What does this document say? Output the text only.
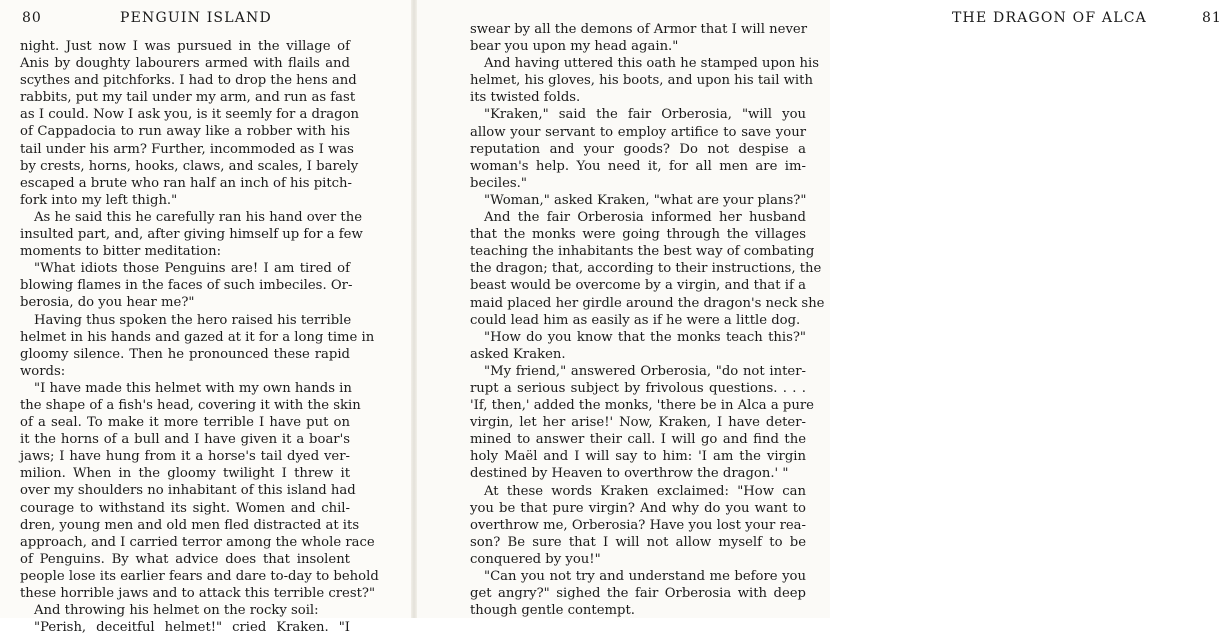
80	PENGUIN ISLAND
night. Just now I was pursued in the village of
Anis by doughty labourers armed with flails and
scythes and pitchforks. I had to drop the hens and
rabbits, put my tail under my arm, and run as fast
as I could. Now I ask you, is it seemly for a dragon
of Cappadocia to run away like a robber with his
tail under his arm? Further, incommoded as I was
by crests, horns, hooks, claws, and scales, I barely
escaped a brute who ran half an inch of his pitch-
fork into my left thigh."
As he said this he carefully ran his hand over the
insulted part, and, after giving himself up for a few
moments to bitter meditation:
"What idiots those Penguins are! I am tired of
blowing flames in the faces of such imbeciles. Or-
berosia, do you hear me?"
Having thus spoken the hero raised his terrible
helmet in his hands and gazed at it for a long time in
gloomy silence. Then he pronounced these rapid
words:
"I have made this helmet with my own hands in
the shape of a fish's head, covering it with the skin
of a seal. To make it more terrible I have put on
it the horns of a bull and I have given it a boar's
jaws; I have hung from it a horse's tail dyed ver-
milion. When in the gloomy twilight I threw it
over my shoulders no inhabitant of this island had
courage to withstand its sight. Women and chil-
dren, young men and old men fled distracted at its
approach, and I carried terror among the whole race
of Penguins. By what advice does that insolent
people lose its earlier fears and dare to-day to behold
these horrible jaws and to attack this terrible crest?"
And throwing his helmet on the rocky soil:
"Perish, deceitful helmet!" cried Kraken. "I
THE DRAGON OF ALCA	81
swear by all the demons of Armor that I will never
bear you upon my head again."
And having uttered this oath he stamped upon his
helmet, his gloves, his boots, and upon his tail with
its twisted folds.
"Kraken," said the fair Orberosia, "will you
allow your servant to employ artifice to save your
reputation and your goods? Do not despise a
woman's help. You need it, for all men are im-
beciles."
"Woman," asked Kraken, "what are your plans?"
And the fair Orberosia informed her husband
that the monks were going through the villages
teaching the inhabitants the best way of combating
the dragon; that, according to their instructions, the
beast would be overcome by a virgin, and that if a
maid placed her girdle around the dragon's neck she
could lead him as easily as if he were a little dog.
"How do you know that the monks teach this?"
asked Kraken.
"My friend," answered Orberosia, "do not inter-
rupt a serious subject by frivolous questions. . . .
'If, then,' added the monks, 'there be in Alca a pure
virgin, let her arise!' Now, Kraken, I have deter-
mined to answer their call. I will go and find the
holy Maël and I will say to him: 'I am the virgin
destined by Heaven to overthrow the dragon.' "
At these words Kraken exclaimed: "How can
you be that pure virgin? And why do you want to
overthrow me, Orberosia? Have you lost your rea-
son? Be sure that I will not allow myself to be
conquered by you!"
"Can you not try and understand me before you
get angry?" sighed the fair Orberosia with deep
though gentle contempt.
